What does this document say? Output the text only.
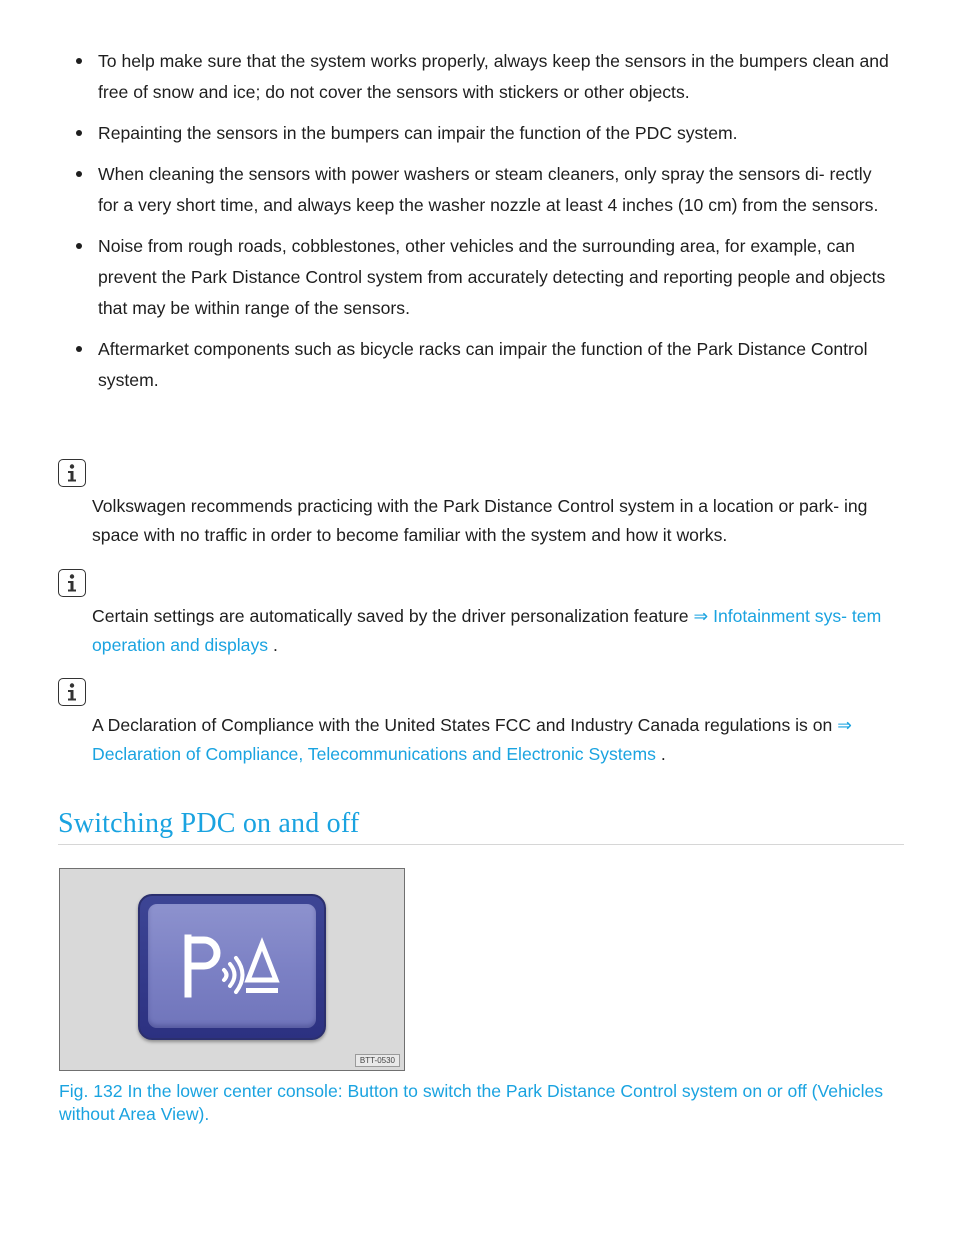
To help make sure that the system works properly, always keep the sensors in the bumpers clean and free of snow and ice; do not cover the sensors with stickers or other objects.
Repainting the sensors in the bumpers can impair the function of the PDC system.
When cleaning the sensors with power washers or steam cleaners, only spray the sensors di- rectly for a very short time, and always keep the washer nozzle at least 4 inches (10 cm) from the sensors.
Noise from rough roads, cobblestones, other vehicles and the surrounding area, for example, can prevent the Park Distance Control system from accurately detecting and reporting people and objects that may be within range of the sensors.
Aftermarket components such as bicycle racks can impair the function of the Park Distance Control system.
Volkswagen recommends practicing with the Park Distance Control system in a location or park- ing space with no traffic in order to become familiar with the system and how it works.
Certain settings are automatically saved by the driver personalization feature ⇒ Infotainment sys- tem operation and displays .
A Declaration of Compliance with the United States FCC and Industry Canada regulations is on ⇒ Declaration of Compliance, Telecommunications and Electronic Systems .
Switching PDC on and off
BTT-0530
Fig. 132 In the lower center console: Button to switch the Park Distance Control system on or off (Vehicles without Area View).
